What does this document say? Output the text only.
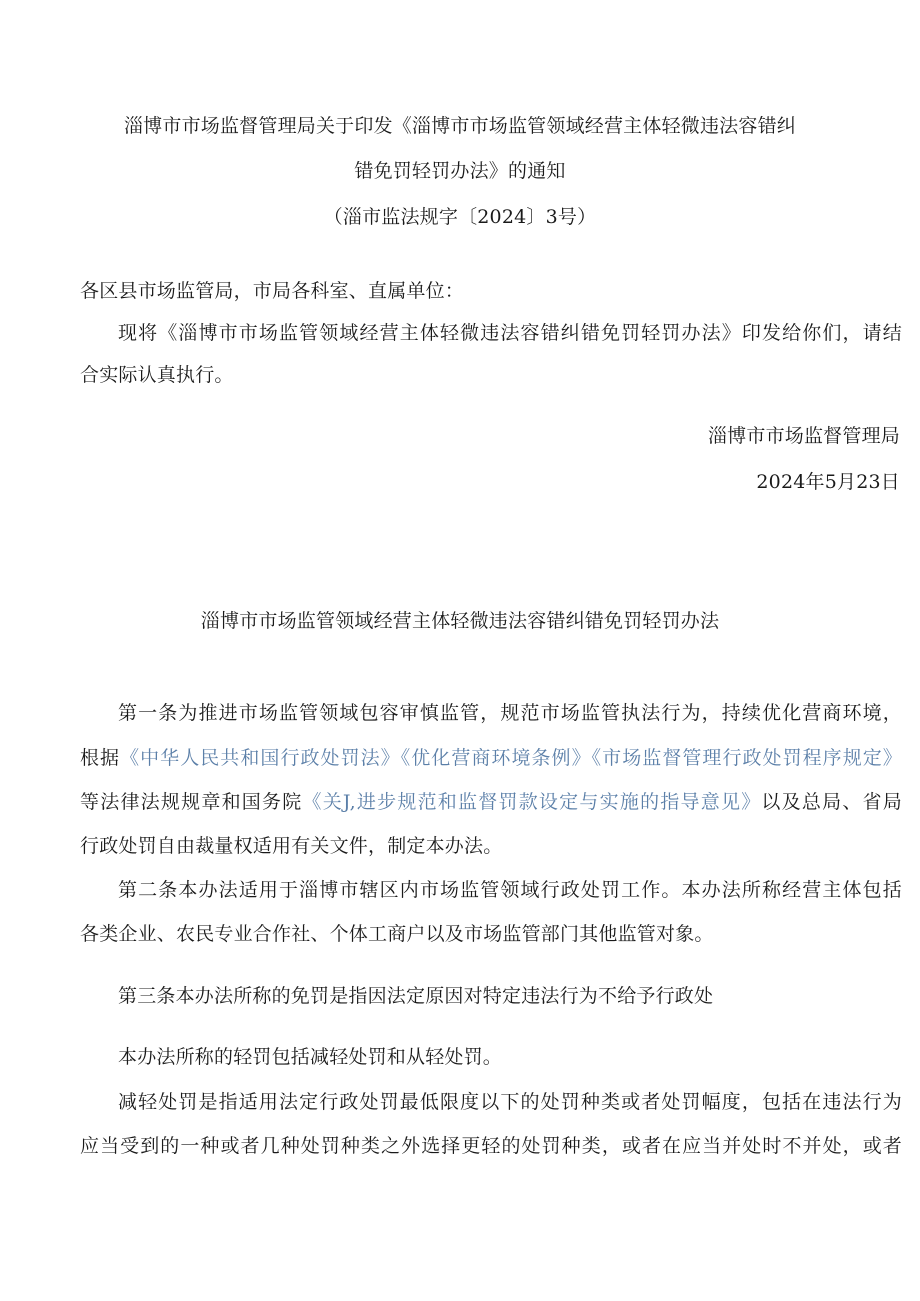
淄博市市场监督管理局关于印发《淄博市市场监管领域经营主体轻微违法容错纠
错免罚轻罚办法》的通知
（淄市监法规字〔2024〕3号）
各区县市场监管局，市局各科室、直属单位：
现将《淄博市市场监管领域经营主体轻微违法容错纠错免罚轻罚办法》印发给你们，请结
合实际认真执行。
淄博市市场监督管理局
2024年5月23日
淄博市市场监管领域经营主体轻微违法容错纠错免罚轻罚办法
第一条为推进市场监管领域包容审慎监管，规范市场监管执法行为，持续优化营商环境，
根据《中华人民共和国行政处罚法》《优化营商环境条例》《市场监督管理行政处罚程序规定》
等法律法规规章和国务院《关J,进步规范和监督罚款设定与实施的指导意见》以及总局、省局
行政处罚自由裁量权适用有关文件，制定本办法。
第二条本办法适用于淄博市辖区内市场监管领域行政处罚工作。本办法所称经营主体包括
各类企业、农民专业合作社、个体工商户以及市场监管部门其他监管对象。
第三条本办法所称的免罚是指因法定原因对特定违法行为不给予行政处
本办法所称的轻罚包括减轻处罚和从轻处罚。
减轻处罚是指适用法定行政处罚最低限度以下的处罚种类或者处罚幅度，包括在违法行为
应当受到的一种或者几种处罚种类之外选择更轻的处罚种类，或者在应当并处时不并处，或者
